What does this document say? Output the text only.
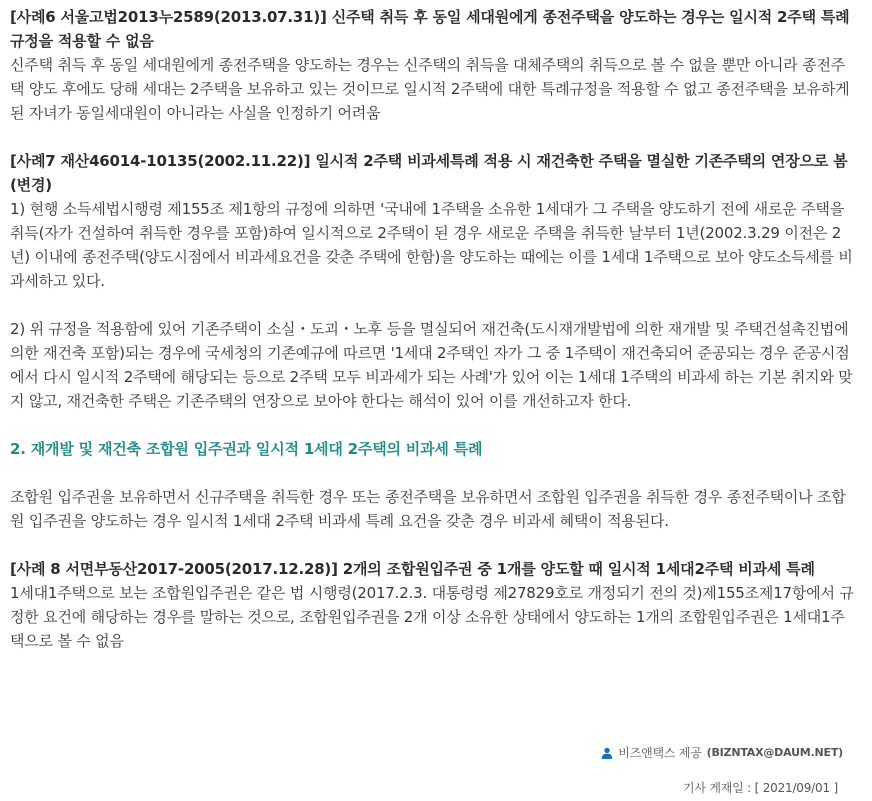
[사례6 서울고법2013누2589(2013.07.31)] 신주택 취득 후 동일 세대원에게 종전주택을 양도하는 경우는 일시적 2주택 특례규정을 적용할 수 없음

신주택 취득 후 동일 세대원에게 종전주택을 양도하는 경우는 신주택의 취득을 대체주택의 취득으로 볼 수 없을 뿐만 아니라 종전주택 양도 후에도 당해 세대는 2주택을 보유하고 있는 것이므로 일시적 2주택에 대한 특례규정을 적용할 수 없고 종전주택을 보유하게 된 자녀가 동일세대원이 아니라는 사실을 인정하기 어려움

[사례7 재산46014-10135(2002.11.22)] 일시적 2주택 비과세특례 적용 시 재건축한 주택을 멸실한 기존주택의 연장으로 봄(변경)

1) 현행 소득세법시행령 제155조 제1항의 규정에 의하면 '국내에 1주택을 소유한 1세대가 그 주택을 양도하기 전에 새로운 주택을 취득(자가 건설하여 취득한 경우를 포함)하여 일시적으로 2주택이 된 경우 새로운 주택을 취득한 날부터 1년(2002.3.29 이전은 2년) 이내에 종전주택(양도시점에서 비과세요건을 갖춘 주택에 한함)을 양도하는 때에는 이를 1세대 1주택으로 보아 양도소득세를 비과세하고 있다.

2) 위 규정을 적용함에 있어 기존주택이 소실・도괴・노후 등을 멸실되어 재건축(도시재개발법에 의한 재개발 및 주택건설촉진법에 의한 재건축 포함)되는 경우에 국세청의 기존예규에 따르면 '1세대 2주택인 자가 그 중 1주택이 재건축되어 준공되는 경우 준공시점에서 다시 일시적 2주택에 해당되는 등으로 2주택 모두 비과세가 되는 사례'가 있어 이는 1세대 1주택의 비과세 하는 기본 취지와 맞지 않고, 재건축한 주택은 기존주택의 연장으로 보아야 한다는 해석이 있어 이를 개선하고자 한다.

2. 재개발 및 재건축 조합원 입주권과 일시적 1세대 2주택의 비과세 특례

조합원 입주권을 보유하면서 신규주택을 취득한 경우 또는 종전주택을 보유하면서 조합원 입주권을 취득한 경우 종전주택이나 조합원 입주권을 양도하는 경우 일시적 1세대 2주택 비과세 특례 요건을 갖춘 경우 비과세 혜택이 적용된다.

[사례 8 서면부동산2017-2005(2017.12.28)] 2개의 조합원입주권 중 1개를 양도할 때 일시적 1세대2주택 비과세 특례

1세대1주택으로 보는 조합원입주권은 같은 법 시행령(2017.2.3. 대통령령 제27829호로 개정되기 전의 것)제155조제17항에서 규정한 요건에 해당하는 경우를 말하는 것으로, 조합원입주권을 2개 이상 소유한 상태에서 양도하는 1개의 조합원입주권은 1세대1주택으로 볼 수 없음

비즈앤택스 제공 (BIZNTAX@DAUM.NET)
기사 게재일 : [ 2021/09/01 ]
